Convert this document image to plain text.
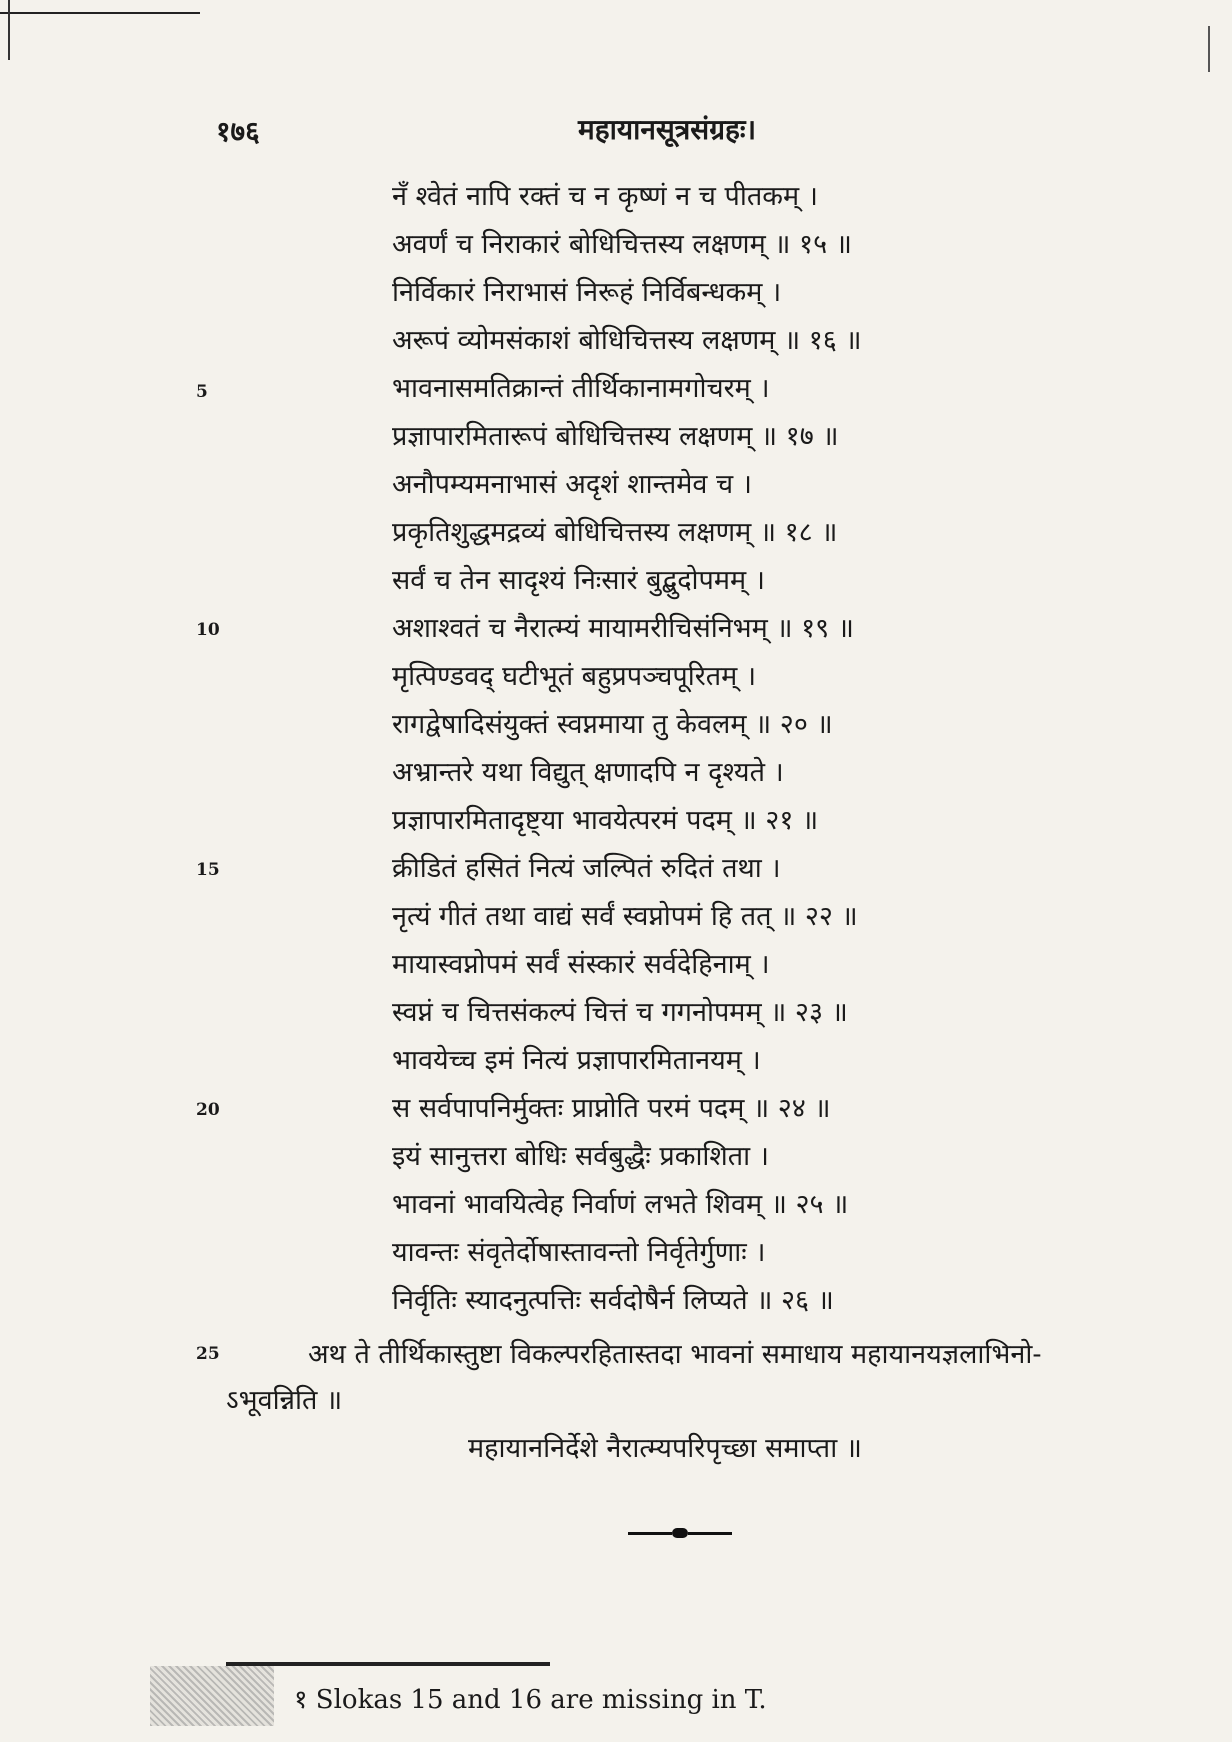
१७६	महायानसूत्रसंग्रहः।
5
10
15
20
25
नँ श्वेतं नापि रक्तं च न कृष्णं न च पीतकम् ।
अवर्णं च निराकारं बोधिचित्तस्य लक्षणम् ॥ १५ ॥
निर्विकारं निराभासं निरूहं निर्विबन्धकम् ।
अरूपं व्योमसंकाशं बोधिचित्तस्य लक्षणम् ॥ १६ ॥
भावनासमतिक्रान्तं तीर्थिकानामगोचरम् ।
प्रज्ञापारमितारूपं बोधिचित्तस्य लक्षणम् ॥ १७ ॥
अनौपम्यमनाभासं अदृशं शान्तमेव च ।
प्रकृतिशुद्धमद्रव्यं बोधिचित्तस्य लक्षणम् ॥ १८ ॥
सर्वं च तेन सादृश्यं निःसारं बुद्बुदोपमम् ।
अशाश्वतं च नैरात्म्यं मायामरीचिसंनिभम् ॥ १९ ॥
मृत्पिण्डवद् घटीभूतं बहुप्रपञ्चपूरितम् ।
रागद्वेषादिसंयुक्तं स्वप्नमाया तु केवलम् ॥ २० ॥
अभ्रान्तरे यथा विद्युत् क्षणादपि न दृश्यते ।
प्रज्ञापारमितादृष्ट्या भावयेत्परमं पदम् ॥ २१ ॥
क्रीडितं हसितं नित्यं जल्पितं रुदितं तथा ।
नृत्यं गीतं तथा वाद्यं सर्वं स्वप्नोपमं हि तत् ॥ २२ ॥
मायास्वप्नोपमं सर्वं संस्कारं सर्वदेहिनाम् ।
स्वप्नं च चित्तसंकल्पं चित्तं च गगनोपमम् ॥ २३ ॥
भावयेच्च इमं नित्यं प्रज्ञापारमितानयम् ।
स सर्वपापनिर्मुक्तः प्राप्नोति परमं पदम् ॥ २४ ॥
इयं सानुत्तरा बोधिः सर्वबुद्धैः प्रकाशिता ।
भावनां भावयित्वेह निर्वाणं लभते शिवम् ॥ २५ ॥
यावन्तः संवृतेर्दोषास्तावन्तो निर्वृतेर्गुणाः ।
निर्वृतिः स्यादनुत्पत्तिः सर्वदोषैर्न लिप्यते ॥ २६ ॥
अथ ते तीर्थिकास्तुष्टा विकल्परहितास्तदा भावनां समाधाय महायानयज्ञलाभिनो-
ऽभूवन्निति ॥
महायाननिर्देशे नैरात्म्यपरिपृच्छा समाप्ता ॥
१ Slokas 15 and 16 are missing in T.
